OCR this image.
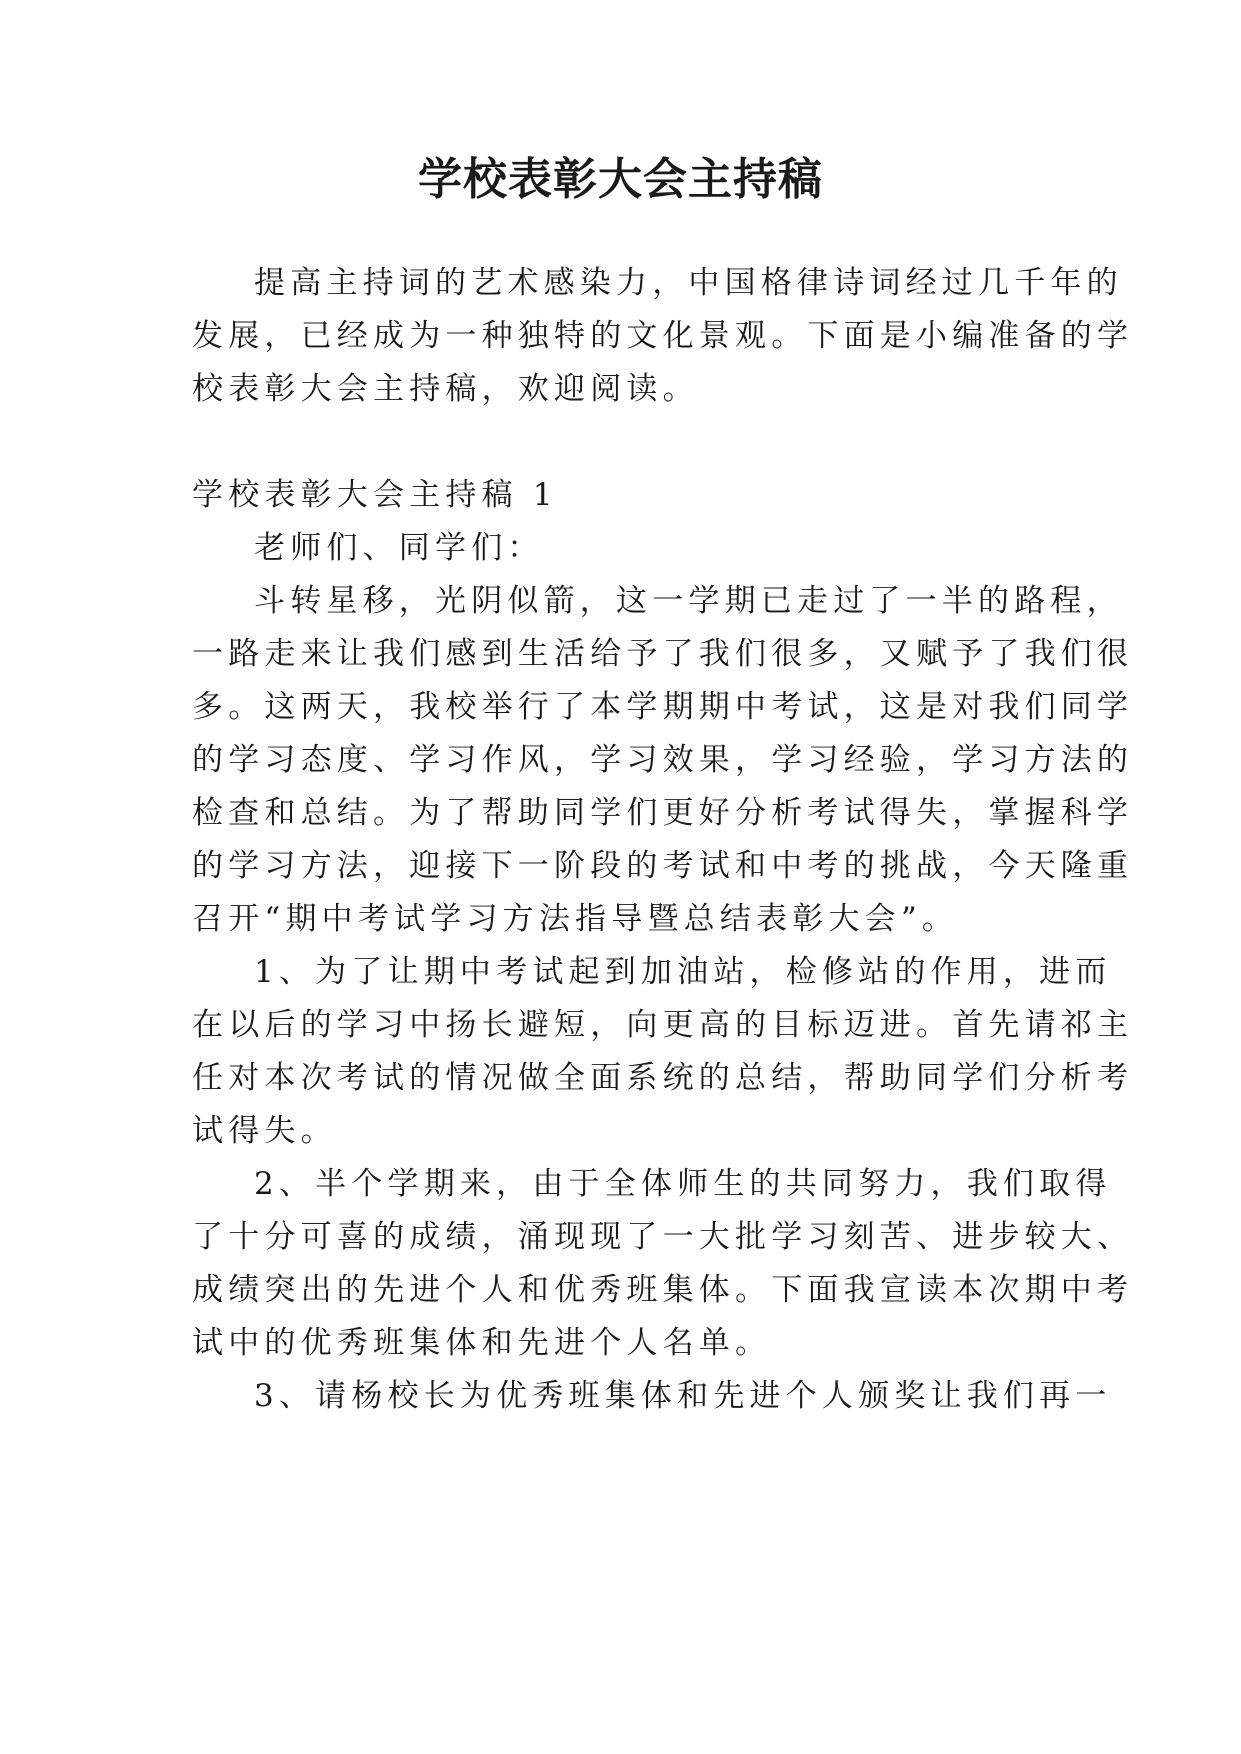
学校表彰大会主持稿
提高主持词的艺术感染力，中国格律诗词经过几千年的
发展，已经成为一种独特的文化景观。下面是小编准备的学
校表彰大会主持稿，欢迎阅读。
学校表彰大会主持稿 1
老师们、同学们：
斗转星移，光阴似箭，这一学期已走过了一半的路程，
一路走来让我们感到生活给予了我们很多，又赋予了我们很
多。这两天，我校举行了本学期期中考试，这是对我们同学
的学习态度、学习作风，学习效果，学习经验，学习方法的
检查和总结。为了帮助同学们更好分析考试得失，掌握科学
的学习方法，迎接下一阶段的考试和中考的挑战，今天隆重
召开“期中考试学习方法指导暨总结表彰大会”。
1、为了让期中考试起到加油站，检修站的作用，进而
在以后的学习中扬长避短，向更高的目标迈进。首先请祁主
任对本次考试的情况做全面系统的总结，帮助同学们分析考
试得失。
2、半个学期来，由于全体师生的共同努力，我们取得
了十分可喜的成绩，涌现现了一大批学习刻苦、进步较大、
成绩突出的先进个人和优秀班集体。下面我宣读本次期中考
试中的优秀班集体和先进个人名单。
3、请杨校长为优秀班集体和先进个人颁奖让我们再一
